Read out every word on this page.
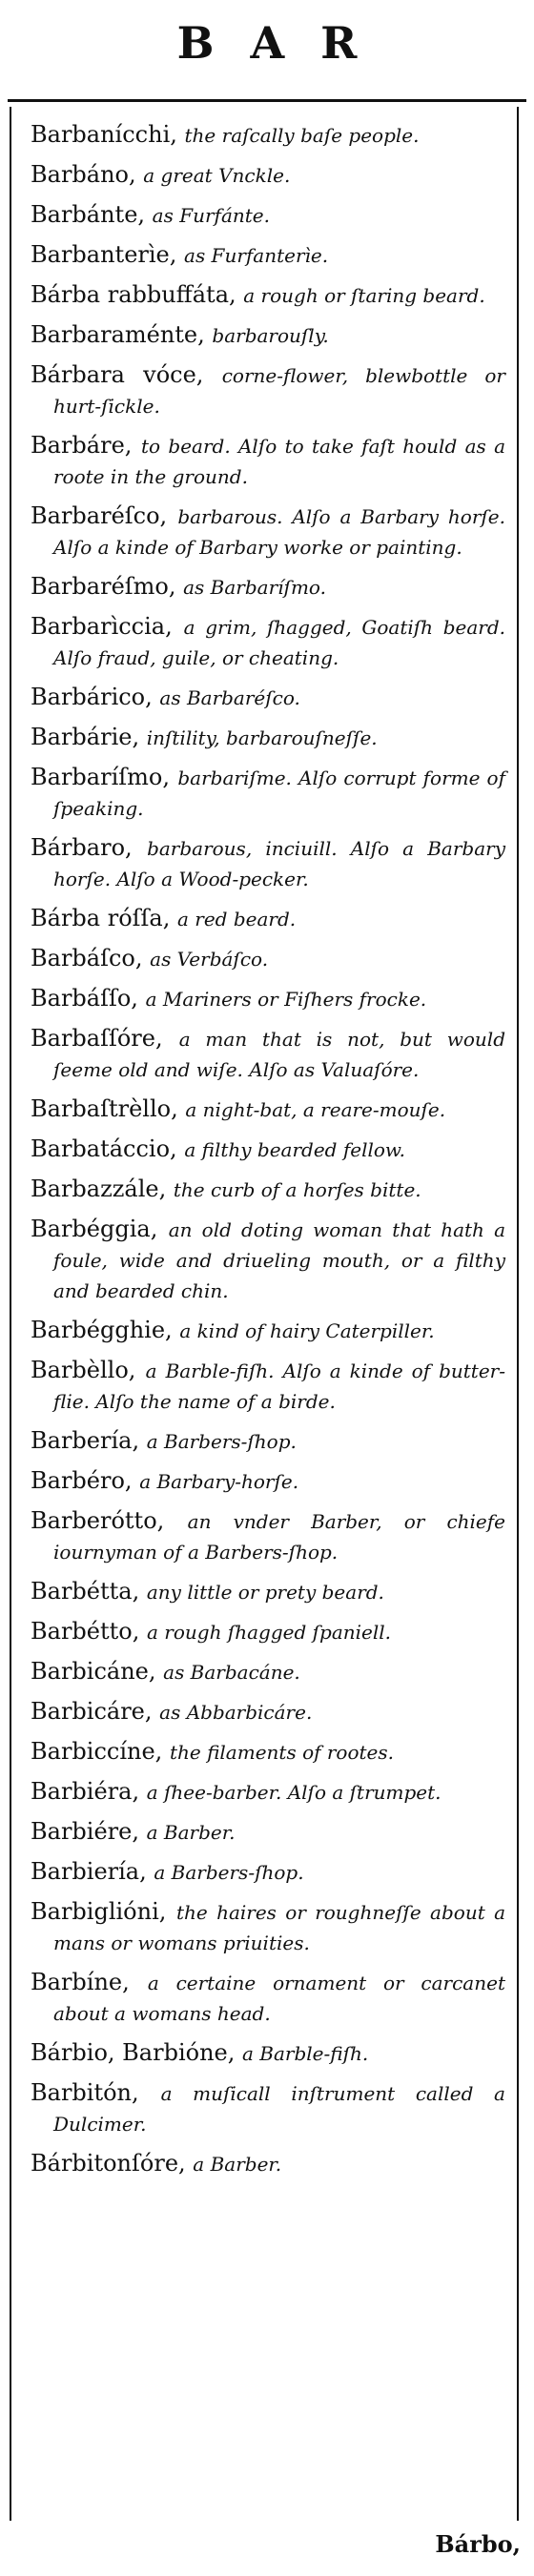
BAR
Barbanícchi, the raſcally baſe people.
Barbáno, a great Vnckle.
Barbánte, as Furfánte.
Barbanterìe, as Furfanterìe.
Bárba rabbuffáta, a rough or ſtaring beard.
Barbaraménte, barbarouſly.
Bárbara vóce, corne-flower, blewbottle or hurt-ſickle.
Barbáre, to beard. Alſo to take faſt hould as a roote in the ground.
Barbaréſco, barbarous. Alſo a Barbary horſe. Alſo a kinde of Barbary worke or painting.
Barbaréſmo, as Barbaríſmo.
Barbarìccia, a grim, ſhagged, Goatiſh beard. Alſo fraud, guile, or cheating.
Barbárico, as Barbaréſco.
Barbárie, inſtility, barbarouſneſſe.
Barbaríſmo, barbariſme. Alſo corrupt forme of ſpeaking.
Bárbaro, barbarous, inciuill. Alſo a Barbary horſe. Alſo a Wood-pecker.
Bárba róſſa, a red beard.
Barbáſco, as Verbáſco.
Barbáſſo, a Mariners or Fiſhers frocke.
Barbaſſóre, a man that is not, but would ſeeme old and wiſe. Alſo as Valuaſóre.
Barbaſtrèllo, a night-bat, a reare-mouſe.
Barbatáccio, a filthy bearded fellow.
Barbazzále, the curb of a horſes bitte.
Barbéggia, an old doting woman that hath a foule, wide and driueling mouth, or a filthy and bearded chin.
Barbégghie, a kind of hairy Caterpiller.
Barbèllo, a Barble-fiſh. Alſo a kinde of butter-flie. Alſo the name of a birde.
Barbería, a Barbers-ſhop.
Barbéro, a Barbary-horſe.
Barberótto, an vnder Barber, or chiefe iournyman of a Barbers-ſhop.
Barbétta, any little or prety beard.
Barbétto, a rough ſhagged ſpaniell.
Barbicáne, as Barbacáne.
Barbicáre, as Abbarbicáre.
Barbiccíne, the filaments of rootes.
Barbiéra, a ſhee-barber. Alſo a ſtrumpet.
Barbiére, a Barber.
Barbiería, a Barbers-ſhop.
Barbiglióni, the haires or roughneſſe about a mans or womans priuities.
Barbíne, a certaine ornament or carcanet about a womans head.
Bárbio, Barbióne, a Barble-fiſh.
Barbitón, a muſicall inſtrument called a Dulcimer.
Bárbitonſóre, a Barber.
Bárbo,
